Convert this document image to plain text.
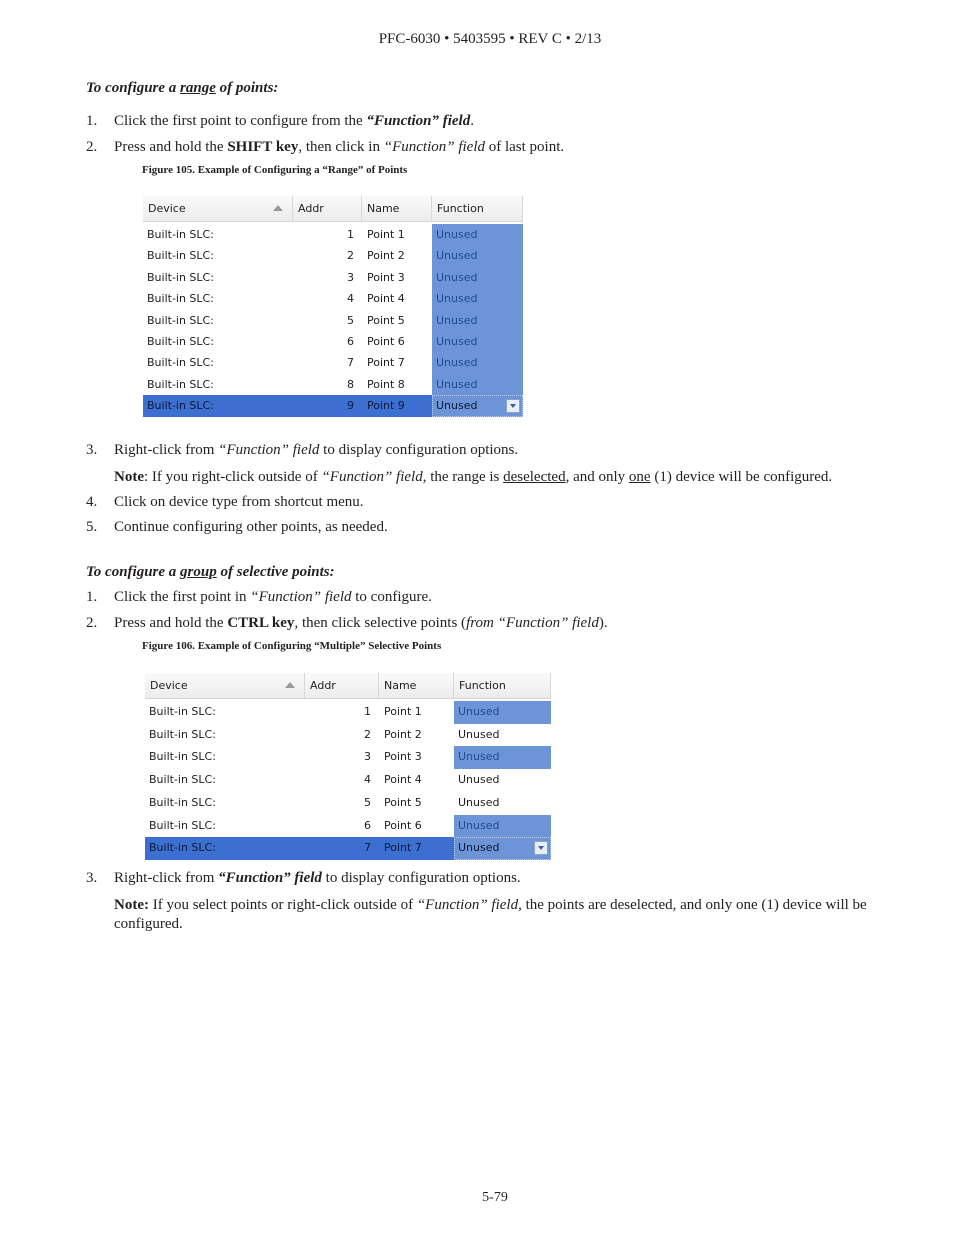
PFC-6030 • 5403595 • REV C • 2/13
To configure a range of points:
1.	Click the first point to configure from the “Function” field.
2.	Press and hold the SHIFT key, then click in “Function” field of last point.
Figure 105. Example of Configuring a “Range” of Points
Device	Addr	Name	Function
Built-in SLC:	1 Point 1	Unused
Built-in SLC:	2 Point 2	Unused
Built-in SLC:	3 Point 3	Unused
Built-in SLC:	4 Point 4	Unused
Built-in SLC:	5 Point 5	Unused
Built-in SLC:	6 Point 6	Unused
Built-in SLC:	7 Point 7	Unused
Built-in SLC:	8 Point 8	Unused
Built-in SLC:	9 Point 9	Unused
3.	Right-click from “Function” field to display configuration options.
Note: If you right-click outside of “Function” field, the range is deselected, and only one (1) device will be configured.
4.	Click on device type from shortcut menu.
5.	Continue configuring other points, as needed.
To configure a group of selective points:
1.	Click the first point in “Function” field to configure.
2.	Press and hold the CTRL key, then click selective points (from “Function” field).
Figure 106. Example of Configuring “Multiple” Selective Points
Device	Addr	Name	Function
Built-in SLC:	1 Point 1	Unused
Built-in SLC:	2 Point 2	Unused
Built-in SLC:	3 Point 3	Unused
Built-in SLC:	4 Point 4	Unused
Built-in SLC:	5 Point 5	Unused
Built-in SLC:	6 Point 6	Unused
Built-in SLC:	7 Point 7	Unused
3.	Right-click from “Function” field to display configuration options.
Note: If you select points or right-click outside of “Function” field, the points are deselected, and only one (1) device will be configured.
5-79
